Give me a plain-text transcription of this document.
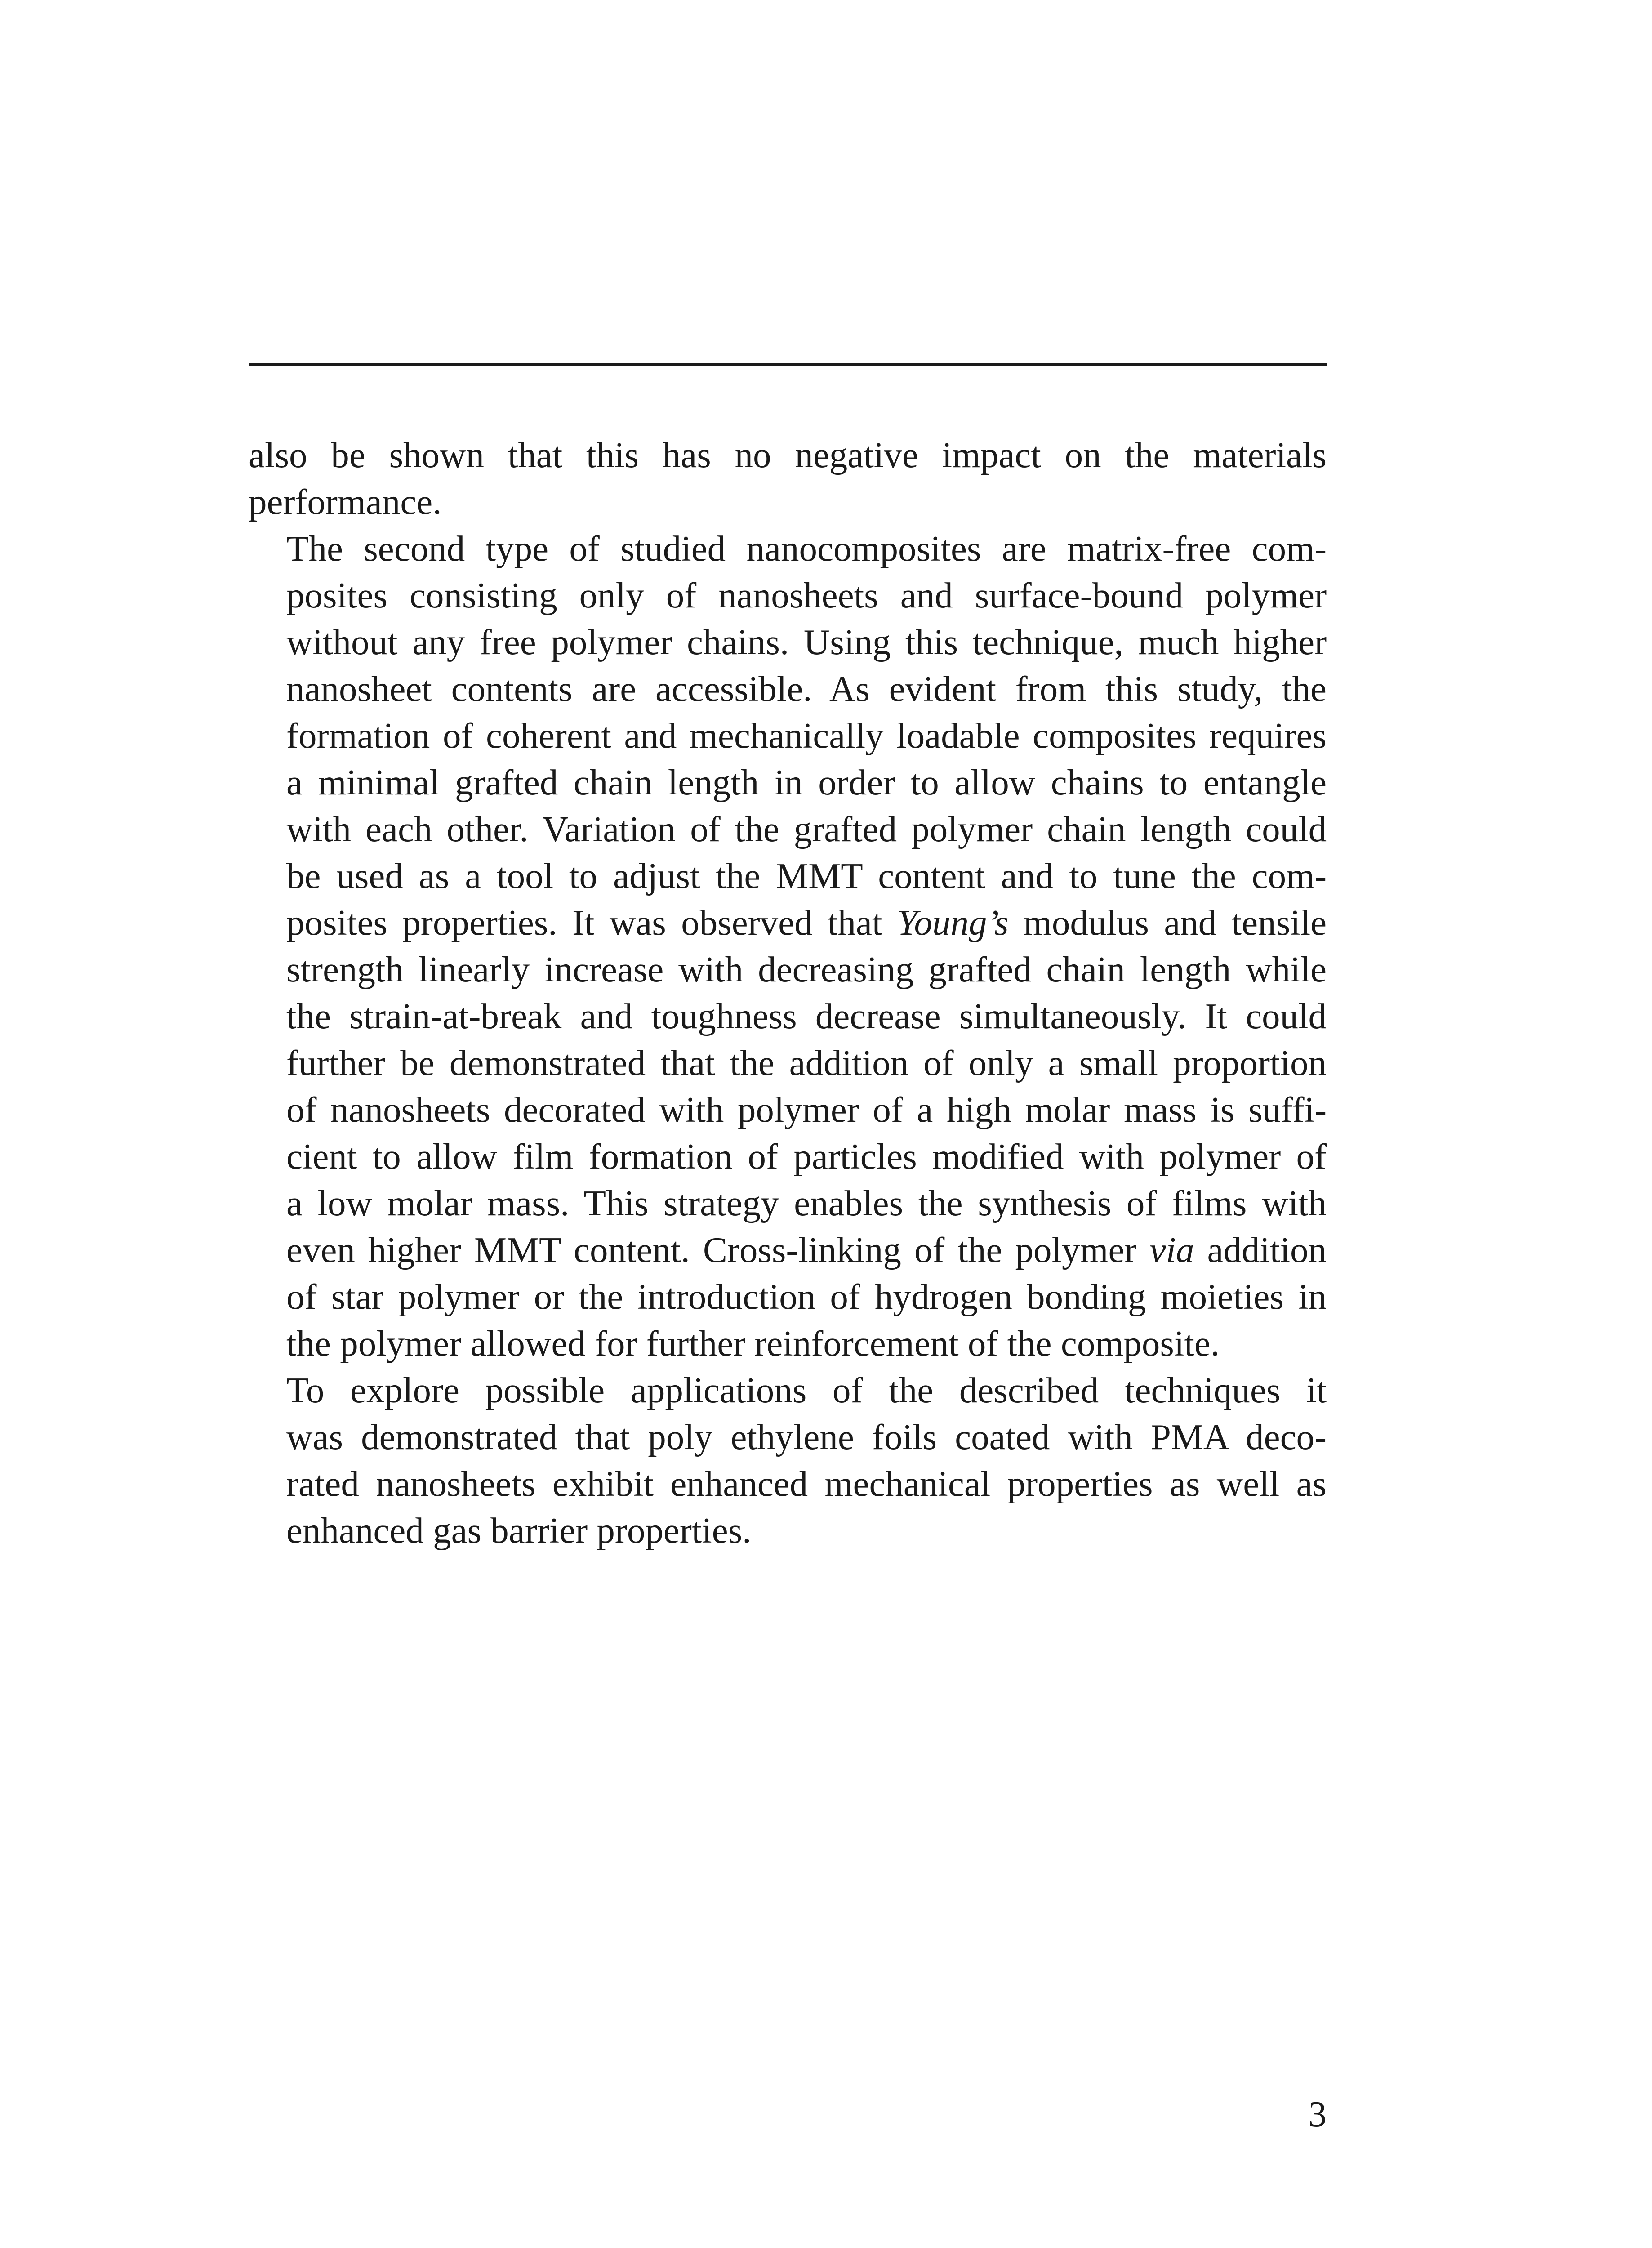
also be shown that this has no negative impact on the materials
performance.

The second type of studied nanocomposites are matrix-free com-
posites consisting only of nanosheets and surface-bound polymer
without any free polymer chains. Using this technique, much higher
nanosheet contents are accessible. As evident from this study, the
formation of coherent and mechanically loadable composites requires
a minimal grafted chain length in order to allow chains to entangle
with each other. Variation of the grafted polymer chain length could
be used as a tool to adjust the MMT content and to tune the com-
posites properties. It was observed that Young’s modulus and tensile
strength linearly increase with decreasing grafted chain length while
the strain-at-break and toughness decrease simultaneously. It could
further be demonstrated that the addition of only a small proportion
of nanosheets decorated with polymer of a high molar mass is suffi-
cient to allow film formation of particles modified with polymer of
a low molar mass. This strategy enables the synthesis of films with
even higher MMT content. Cross-linking of the polymer via addition
of star polymer or the introduction of hydrogen bonding moieties in
the polymer allowed for further reinforcement of the composite.

To explore possible applications of the described techniques it
was demonstrated that poly ethylene foils coated with PMA deco-
rated nanosheets exhibit enhanced mechanical properties as well as
enhanced gas barrier properties.

3
